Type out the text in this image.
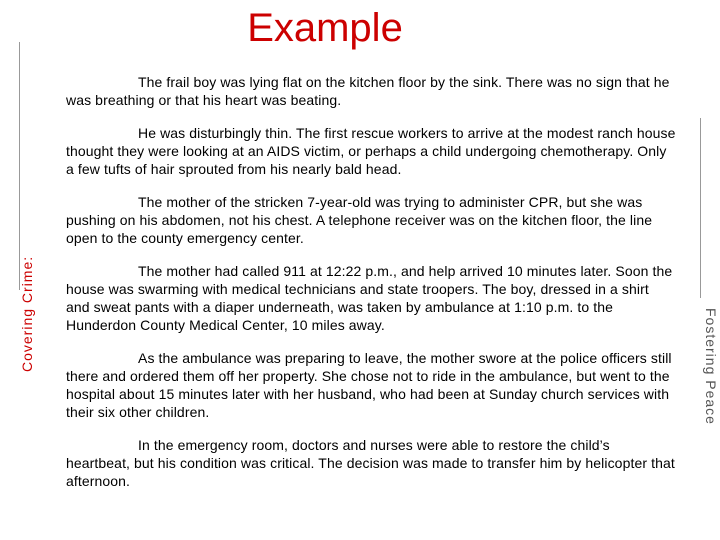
Example
Covering Crime:	Fostering Peace

The frail boy was lying flat on the kitchen floor by the sink. There was no sign that he was breathing or that his heart was beating.

He was disturbingly thin. The first rescue workers to arrive at the modest ranch house thought they were looking at an AIDS victim, or perhaps a child undergoing chemotherapy. Only a few tufts of hair sprouted from his nearly bald head.

The mother of the stricken 7-year-old was trying to administer CPR, but she was pushing on his abdomen, not his chest. A telephone receiver was on the kitchen floor, the line open to the county emergency center.

The mother had called 911 at 12:22 p.m., and help arrived 10 minutes later. Soon the house was swarming with medical technicians and state troopers. The boy, dressed in a shirt and sweat pants with a diaper underneath, was taken by ambulance at 1:10 p.m. to the Hunderdon County Medical Center, 10 miles away.

As the ambulance was preparing to leave, the mother swore at the police officers still there and ordered them off her property. She chose not to ride in the ambulance, but went to the hospital about 15 minutes later with her husband, who had been at Sunday church services with their six other children.

In the emergency room, doctors and nurses were able to restore the child’s heartbeat, but his condition was critical. The decision was made to transfer him by helicopter that afternoon.
